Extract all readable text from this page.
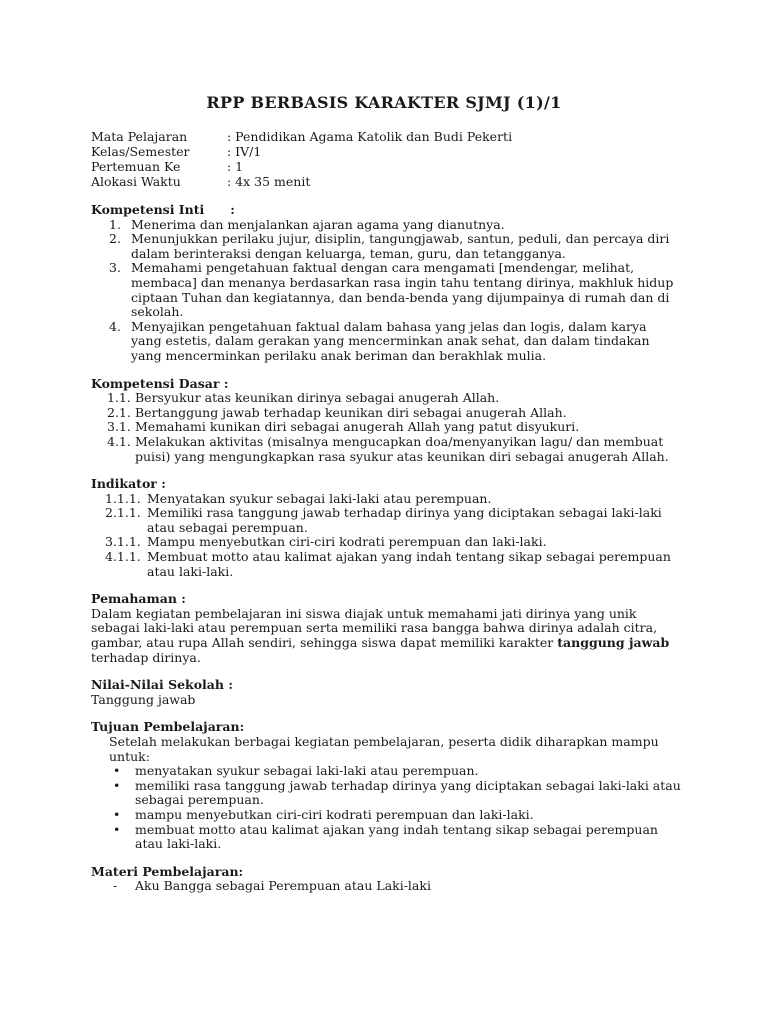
RPP BERBASIS KARAKTER SJMJ (1)/1
Mata Pelajaran	: Pendidikan Agama Katolik dan Budi Pekerti
Kelas/Semester	: IV/1
Pertemuan Ke	: 1
Alokasi Waktu	: 4x 35 menit
Kompetensi Inti :
1. Menerima dan menjalankan ajaran agama yang dianutnya.
2. Menunjukkan perilaku jujur, disiplin, tangungjawab, santun, peduli, dan percaya diri dalam berinteraksi dengan keluarga, teman, guru, dan tetangganya.
3. Memahami pengetahuan faktual dengan cara mengamati [mendengar, melihat, membaca] dan menanya berdasarkan rasa ingin tahu tentang dirinya, makhluk hidup ciptaan Tuhan dan kegiatannya, dan benda-benda yang dijumpainya di rumah dan di sekolah.
4. Menyajikan pengetahuan faktual dalam bahasa yang jelas dan logis, dalam karya yang estetis, dalam gerakan yang mencerminkan anak sehat, dan dalam tindakan yang mencerminkan perilaku anak beriman dan berakhlak mulia.
Kompetensi Dasar :
1.1. Bersyukur atas keunikan dirinya sebagai anugerah Allah.
2.1. Bertanggung jawab terhadap keunikan diri sebagai anugerah Allah.
3.1. Memahami kunikan diri sebagai anugerah Allah yang patut disyukuri.
4.1. Melakukan aktivitas (misalnya mengucapkan doa/menyanyikan lagu/ dan membuat puisi) yang mengungkapkan rasa syukur atas keunikan diri sebagai anugerah Allah.
Indikator :
1.1.1. Menyatakan syukur sebagai laki-laki atau perempuan.
2.1.1. Memiliki rasa tanggung jawab terhadap dirinya yang diciptakan sebagai laki-laki atau sebagai perempuan.
3.1.1. Mampu menyebutkan ciri-ciri kodrati perempuan dan laki-laki.
4.1.1. Membuat motto atau kalimat ajakan yang indah tentang sikap sebagai perempuan atau laki-laki.
Pemahaman :

Dalam kegiatan pembelajaran ini siswa diajak untuk memahami jati dirinya yang unik sebagai laki-laki atau perempuan serta memiliki rasa bangga bahwa dirinya adalah citra, gambar, atau rupa Allah sendiri, sehingga siswa dapat memiliki karakter tanggung jawab terhadap dirinya.

Nilai-Nilai Sekolah :
Tanggung jawab
Tujuan Pembelajaran:
Setelah melakukan berbagai kegiatan pembelajaran, peserta didik diharapkan mampu untuk:
•	menyatakan syukur sebagai laki-laki atau perempuan.
•	memiliki rasa tanggung jawab terhadap dirinya yang diciptakan sebagai laki-laki atau sebagai perempuan.
•	mampu menyebutkan ciri-ciri kodrati perempuan dan laki-laki.
•	membuat motto atau kalimat ajakan yang indah tentang sikap sebagai perempuan atau laki-laki.
Materi Pembelajaran:
-	Aku Bangga sebagai Perempuan atau Laki-laki
